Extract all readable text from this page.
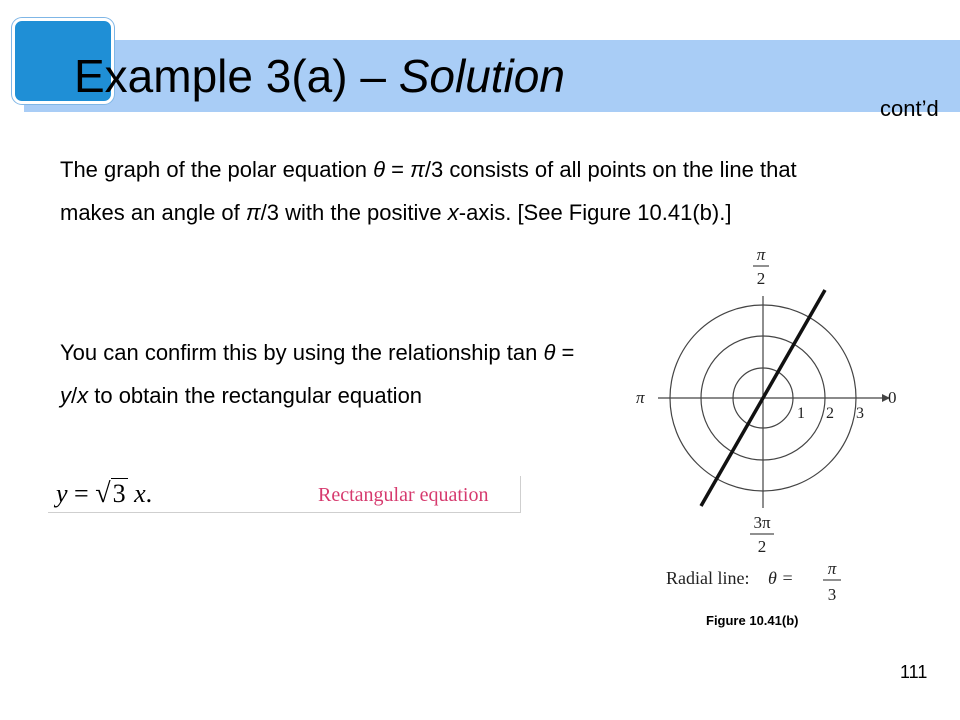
Example 3(a) – Solution
cont’d

The graph of the polar equation θ = π/3 consists of all points on the line that makes an angle of π/3 with the positive x-axis. [See Figure 10.41(b).]

You can confirm this by using the relationship tan θ = y/x to obtain the rectangular equation

y = √3 x.	Rectangular equation
π
2
π	0
1 2 3
3π
2
Radial line: θ = π
3
Figure 10.41(b)
111
